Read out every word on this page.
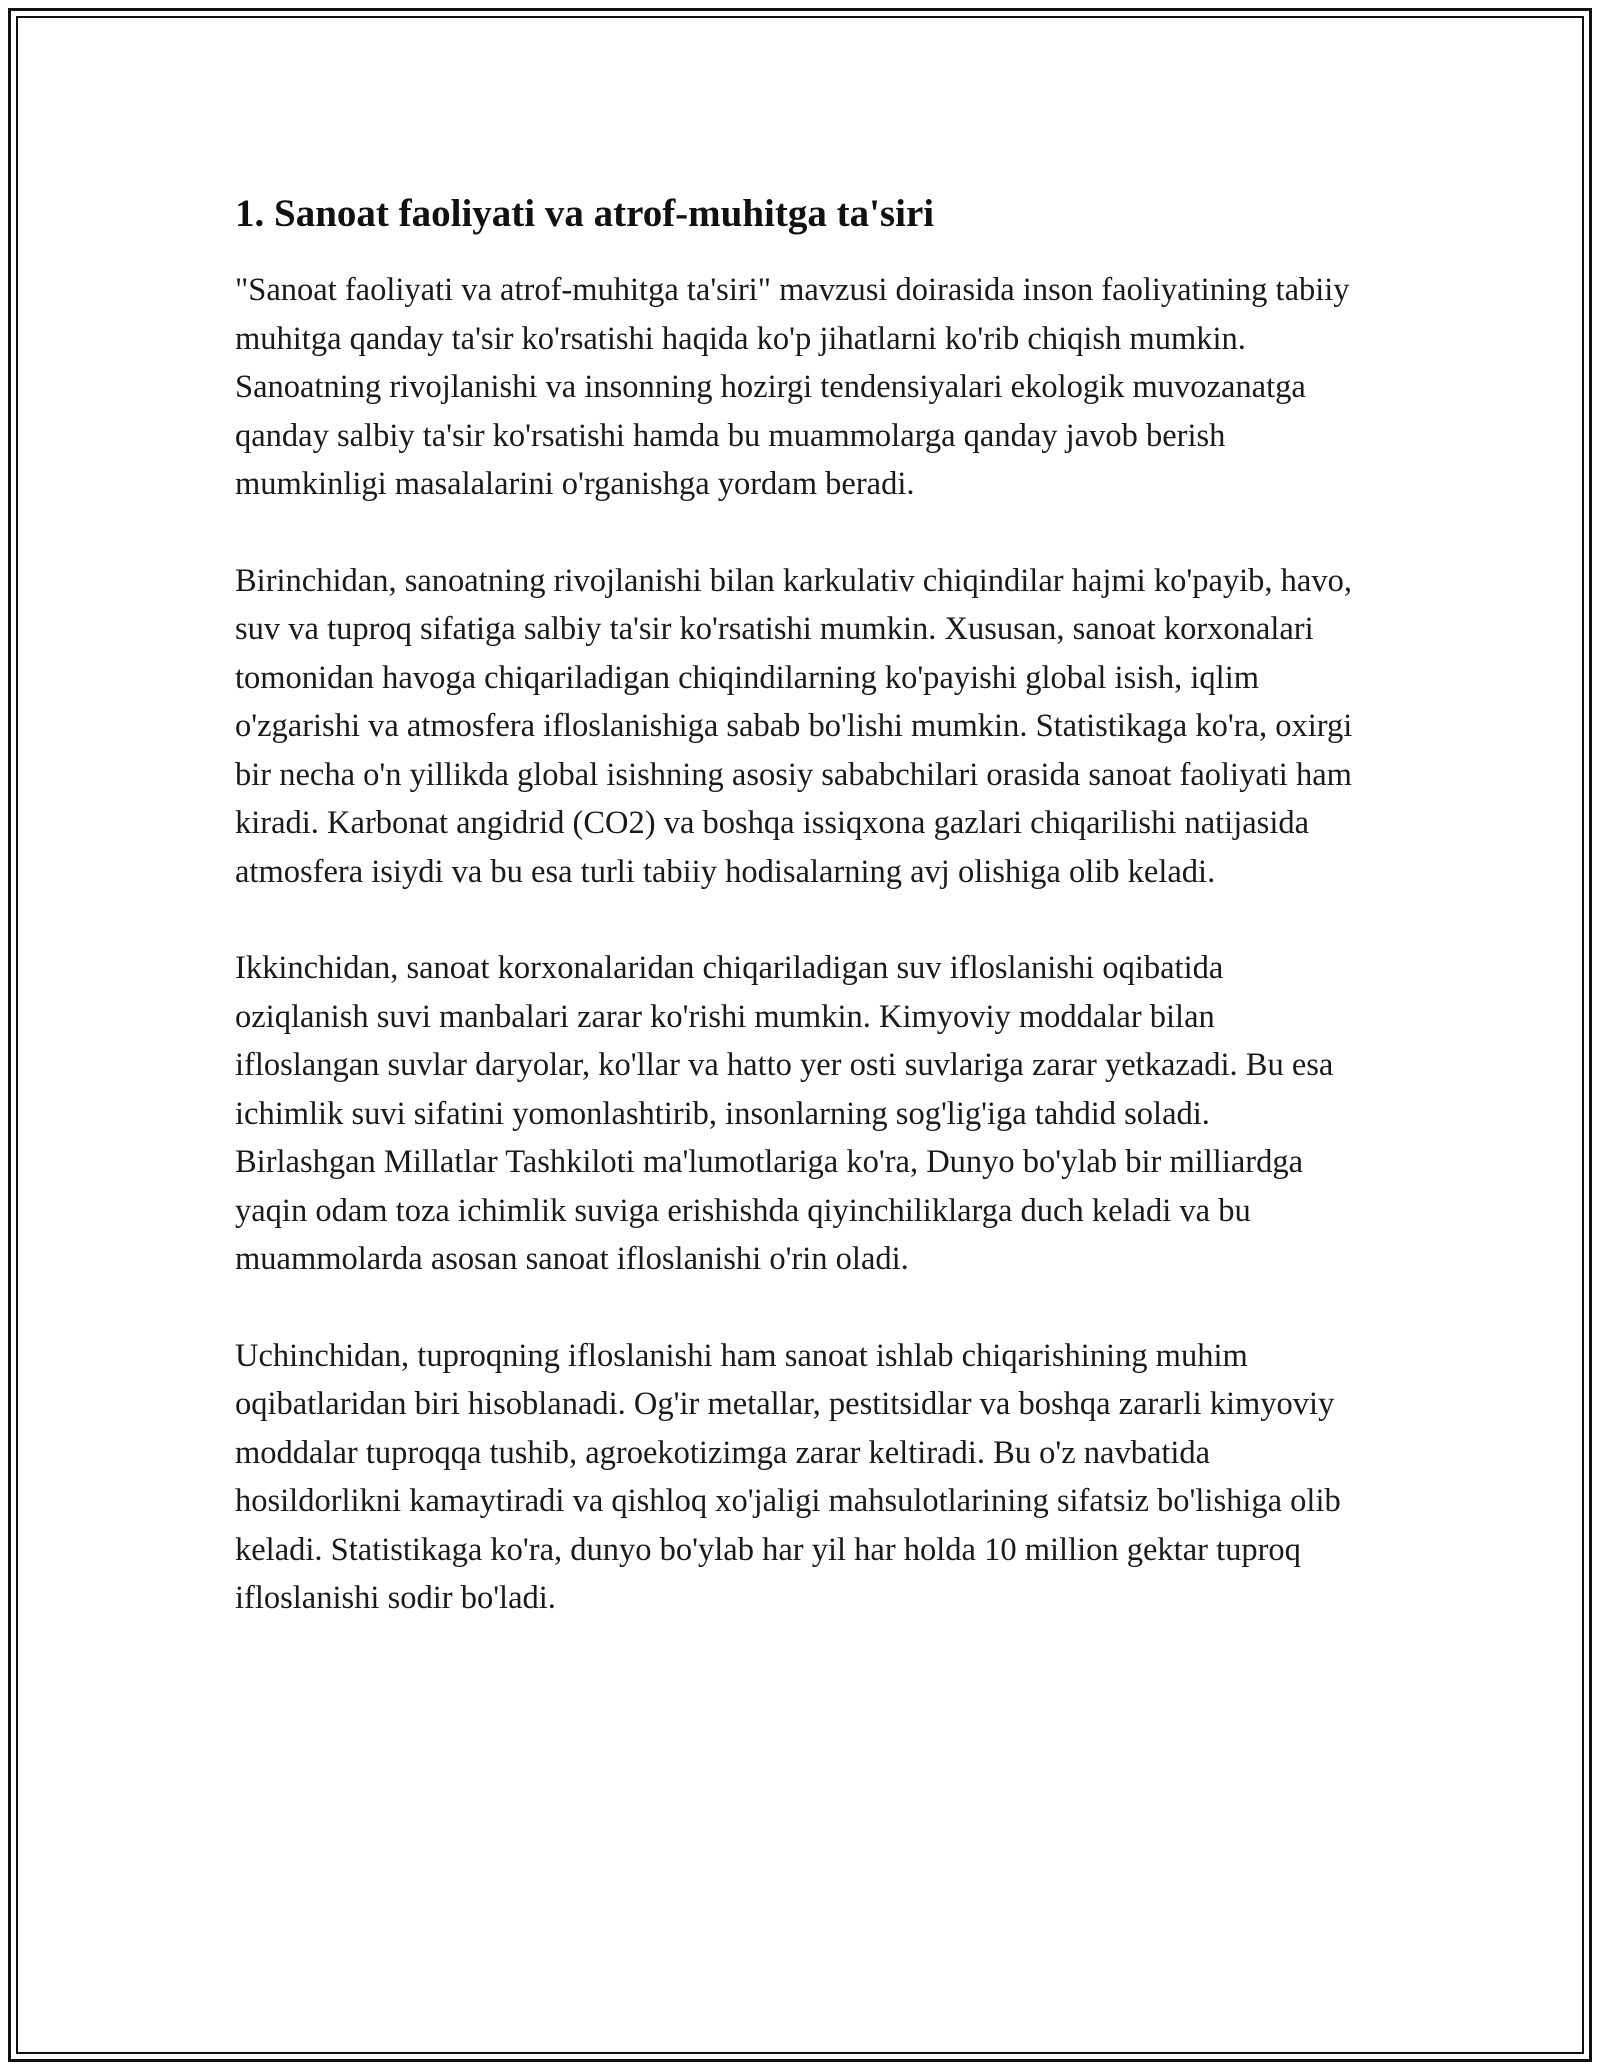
1. Sanoat faoliyati va atrof-muhitga ta'siri

"Sanoat faoliyati va atrof-muhitga ta'siri" mavzusi doirasida inson faoliyatining tabiiy muhitga qanday ta'sir ko'rsatishi haqida ko'p jihatlarni ko'rib chiqish mumkin. Sanoatning rivojlanishi va insonning hozirgi tendensiyalari ekologik muvozanatga qanday salbiy ta'sir ko'rsatishi hamda bu muammolarga qanday javob berish mumkinligi masalalarini o'rganishga yordam beradi.

Birinchidan, sanoatning rivojlanishi bilan karkulativ chiqindilar hajmi ko'payib, havo, suv va tuproq sifatiga salbiy ta'sir ko'rsatishi mumkin. Xususan, sanoat korxonalari tomonidan havoga chiqariladigan chiqindilarning ko'payishi global isish, iqlim o'zgarishi va atmosfera ifloslanishiga sabab bo'lishi mumkin. Statistikaga ko'ra, oxirgi bir necha o'n yillikda global isishning asosiy sababchilari orasida sanoat faoliyati ham kiradi. Karbonat angidrid (CO2) va boshqa issiqxona gazlari chiqarilishi natijasida atmosfera isiydi va bu esa turli tabiiy hodisalarning avj olishiga olib keladi.

Ikkinchidan, sanoat korxonalaridan chiqariladigan suv ifloslanishi oqibatida oziqlanish suvi manbalari zarar ko'rishi mumkin. Kimyoviy moddalar bilan ifloslangan suvlar daryolar, ko'llar va hatto yer osti suvlariga zarar yetkazadi. Bu esa ichimlik suvi sifatini yomonlashtirib, insonlarning sog'lig'iga tahdid soladi. Birlashgan Millatlar Tashkiloti ma'lumotlariga ko'ra, Dunyo bo'ylab bir milliardga yaqin odam toza ichimlik suviga erishishda qiyinchiliklarga duch keladi va bu muammolarda asosan sanoat ifloslanishi o'rin oladi.

Uchinchidan, tuproqning ifloslanishi ham sanoat ishlab chiqarishining muhim oqibatlaridan biri hisoblanadi. Og'ir metallar, pestitsidlar va boshqa zararli kimyoviy moddalar tuproqqa tushib, agroekotizimga zarar keltiradi. Bu o'z navbatida hosildorlikni kamaytiradi va qishloq xo'jaligi mahsulotlarining sifatsiz bo'lishiga olib keladi. Statistikaga ko'ra, dunyo bo'ylab har yil har holda 10 million gektar tuproq ifloslanishi sodir bo'ladi.
